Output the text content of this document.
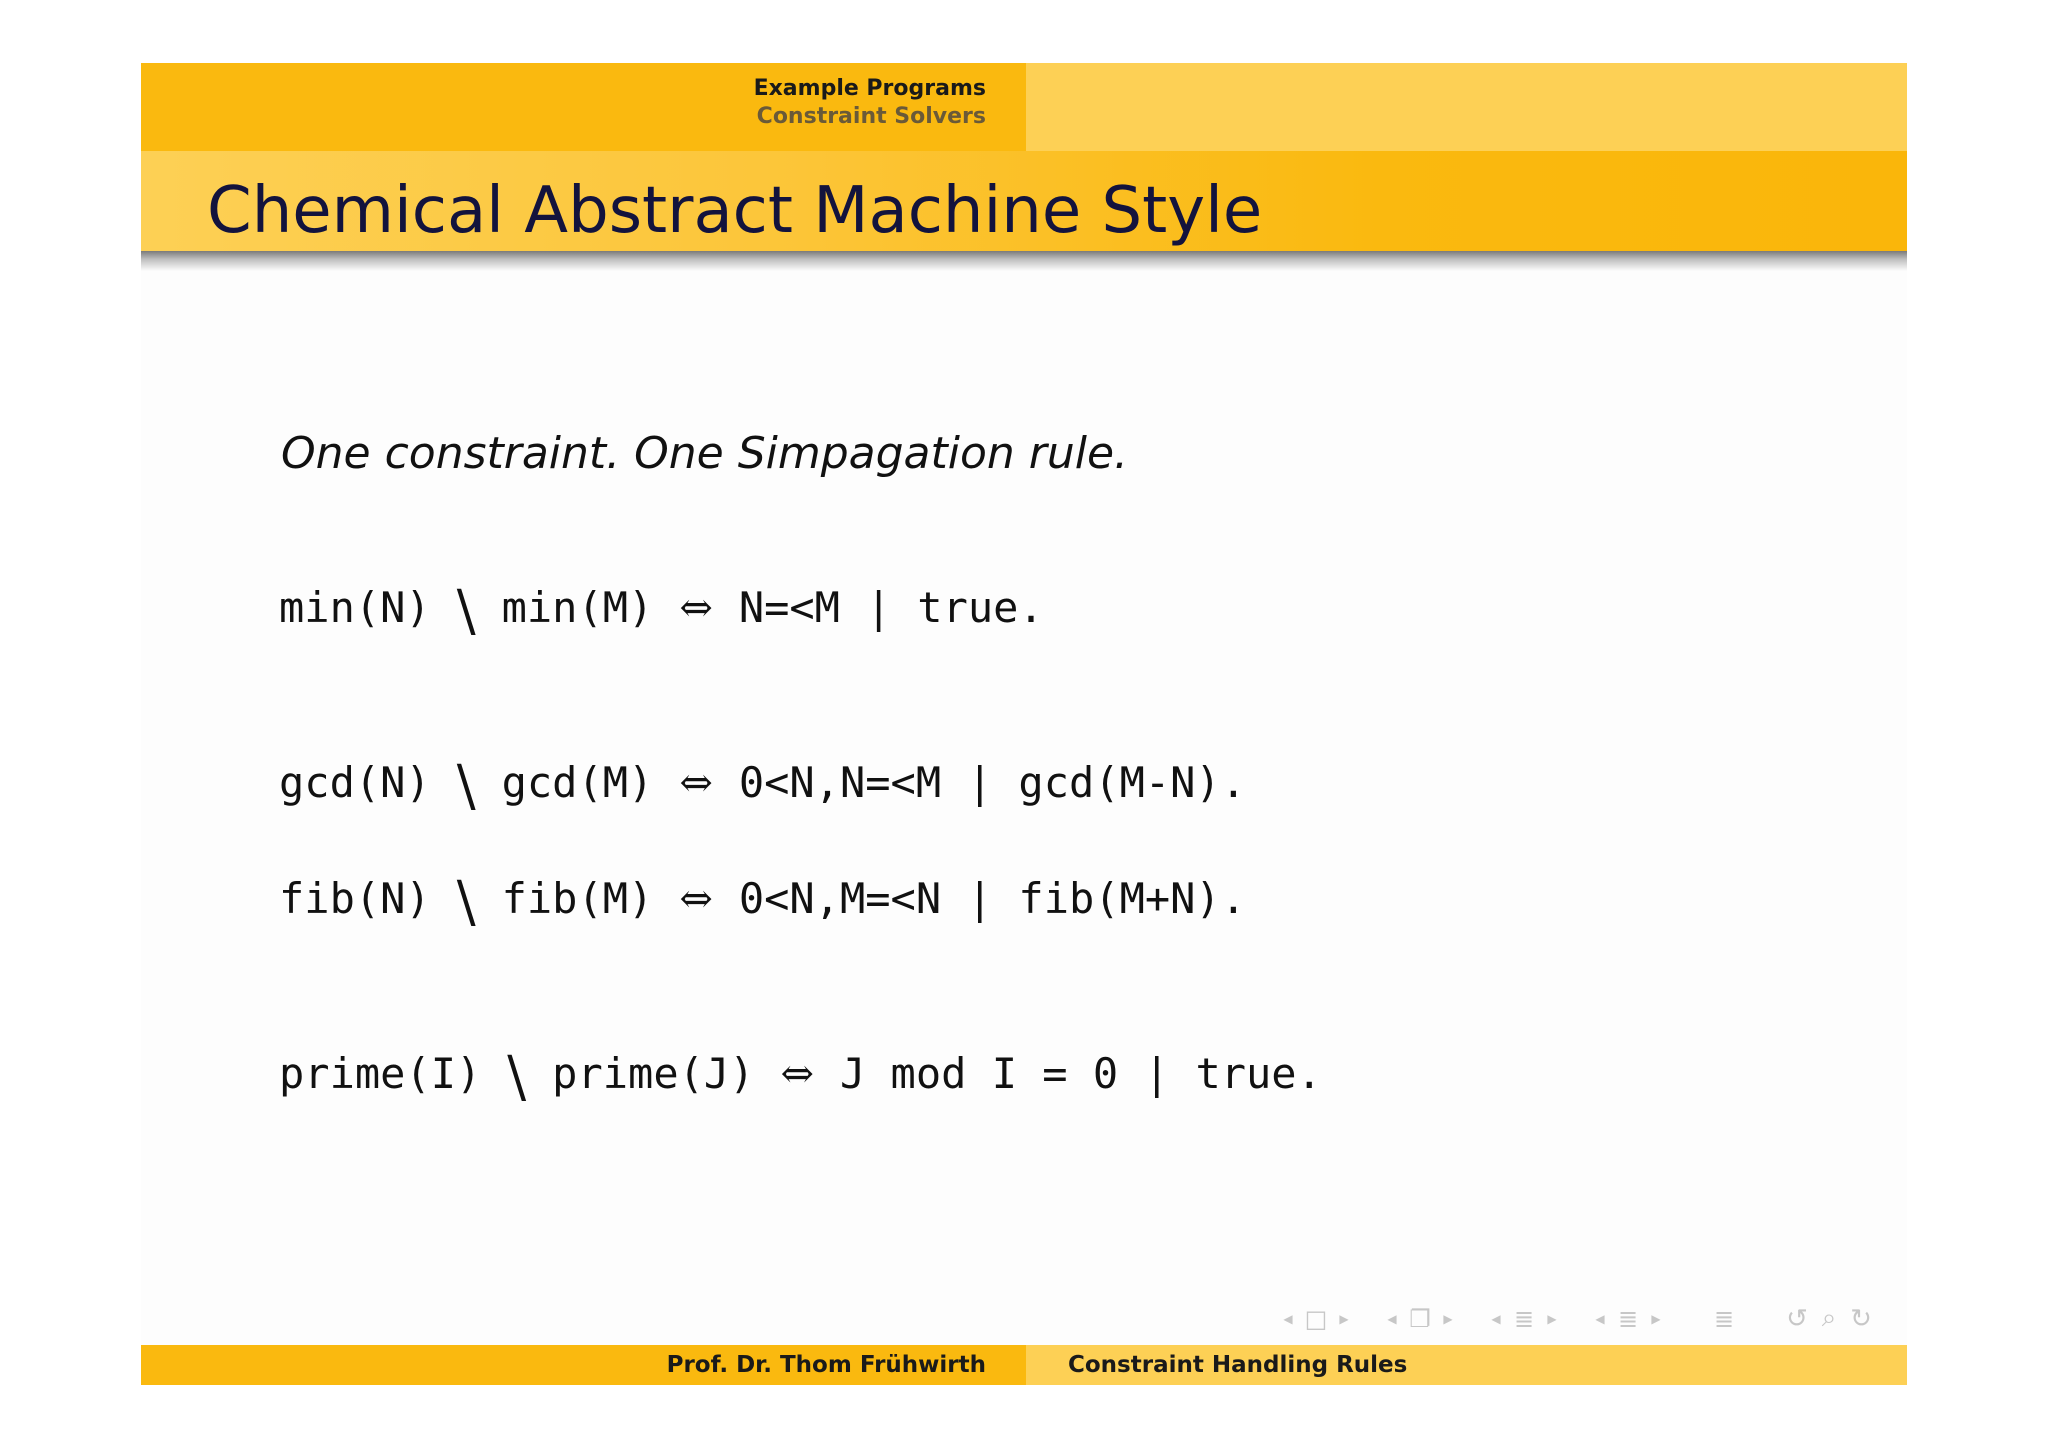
Example Programs
Constraint Solvers
Chemical Abstract Machine Style
One constraint. One Simpagation rule.
min(N) \ min(M) ⇔ N=<M | true.
gcd(N) \ gcd(M) ⇔ 0<N,N=<M | gcd(M-N).
fib(N) \ fib(M) ⇔ 0<N,M=<N | fib(M+N).
prime(I) \ prime(J) ⇔ J mod I = 0 | true.
◀ □	▶	◀ ❐	▶	◀ ≣	▶	◀ ≣	▶ ≣ ↺ ⌕ ↻
Prof. Dr. Thom Frühwirth	Constraint Handling Rules
